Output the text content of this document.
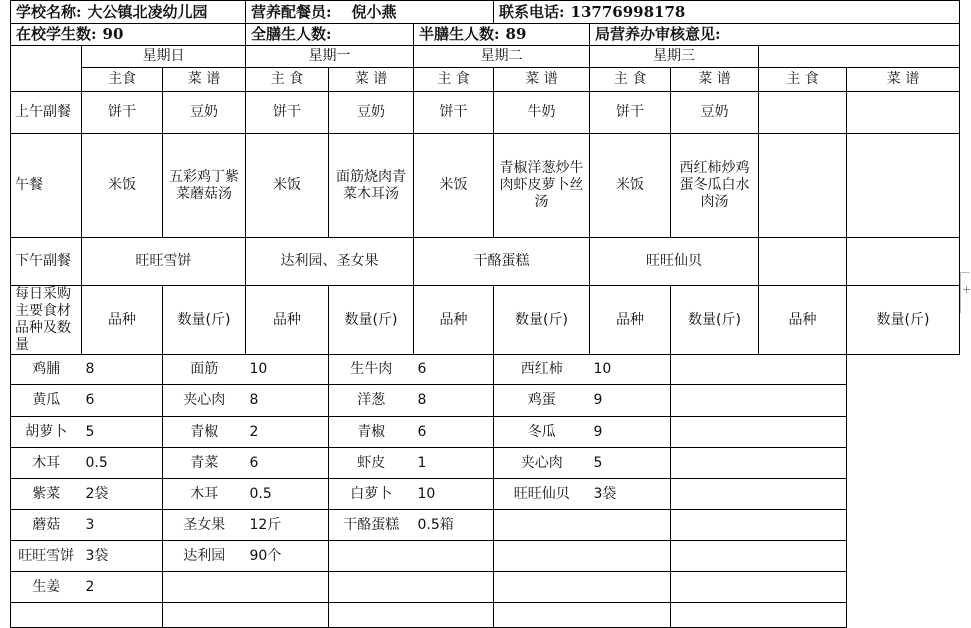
学校名称: 大公镇北凌幼儿园			营养配餐员: 倪小燕			联系电话: 13776998178				
在校学生数: 90			全膳生人数:		半膳生人数: 89		局营养办审核意见:			
	星期日		星期一		星期二		星期三			
	主食	菜 谱	主 食	菜 谱	主 食	菜 谱	主 食	菜 谱	主 食	菜 谱
上午副餐	饼干	豆奶	饼干	豆奶	饼干	牛奶	饼干	豆奶		
午餐	米饭	五彩鸡丁紫菜蘑菇汤	米饭	面筋烧肉青菜木耳汤	米饭	青椒洋葱炒牛肉虾皮萝卜丝汤	米饭	西红柿炒鸡蛋冬瓜白水肉汤		
下午副餐	旺旺雪饼		达利园、圣女果		干酪蛋糕		旺旺仙贝			
每日采购主要食材品种及数量	品种	数量(斤)	品种	数量(斤)	品种	数量(斤)	品种	数量(斤)	品种	数量(斤)
鸡脯	8	面筋	10	生牛肉	6	西红柿	10			
黄瓜	6	夹心肉	8	洋葱	8	鸡蛋	9			
胡萝卜	5	青椒	2	青椒	6	冬瓜	9			
木耳	0.5	青菜	6	虾皮	1	夹心肉	5			
紫菜	2袋	木耳	0.5	白萝卜	10	旺旺仙贝	3袋			
蘑菇	3	圣女果	12斤	干酪蛋糕	0.5箱					
旺旺雪饼	3袋	达利园	90个							
生姜	2									

+
